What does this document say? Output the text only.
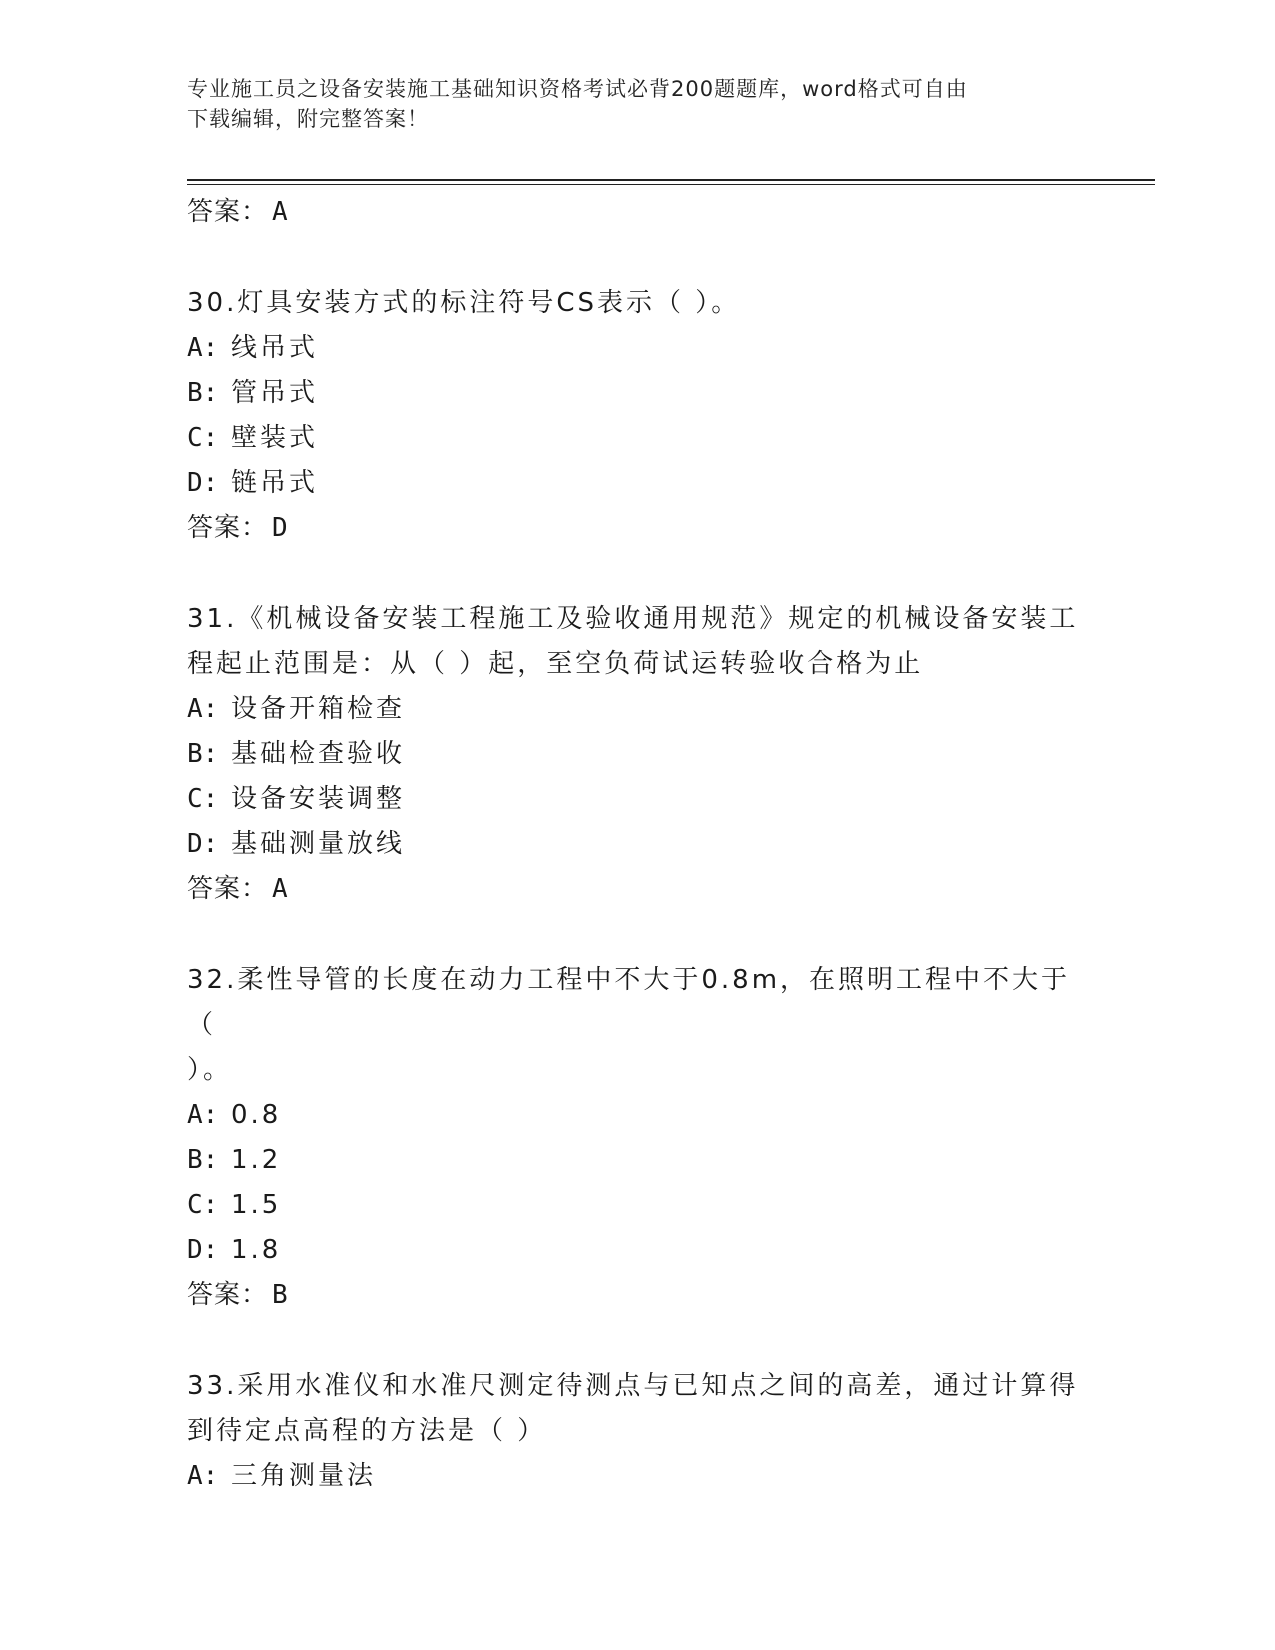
专业施工员之设备安装施工基础知识资格考试必背200题题库，word格式可自由
下载编辑，附完整答案！
答案： A
30.灯具安装方式的标注符号CS表示（ ）。
A: 线吊式
B: 管吊式
C: 壁装式
D: 链吊式
答案： D
31.《机械设备安装工程施工及验收通用规范》规定的机械设备安装工
程起止范围是：从（ ）起，至空负荷试运转验收合格为止
A: 设备开箱检查
B: 基础检查验收
C: 设备安装调整
D: 基础测量放线
答案： A
32.柔性导管的长度在动力工程中不大于0.8m，在照明工程中不大于（
）。
A: 0.8
B: 1.2
C: 1.5
D: 1.8
答案： B
33.采用水准仪和水准尺测定待测点与已知点之间的高差，通过计算得
到待定点高程的方法是（ ）
A: 三角测量法
